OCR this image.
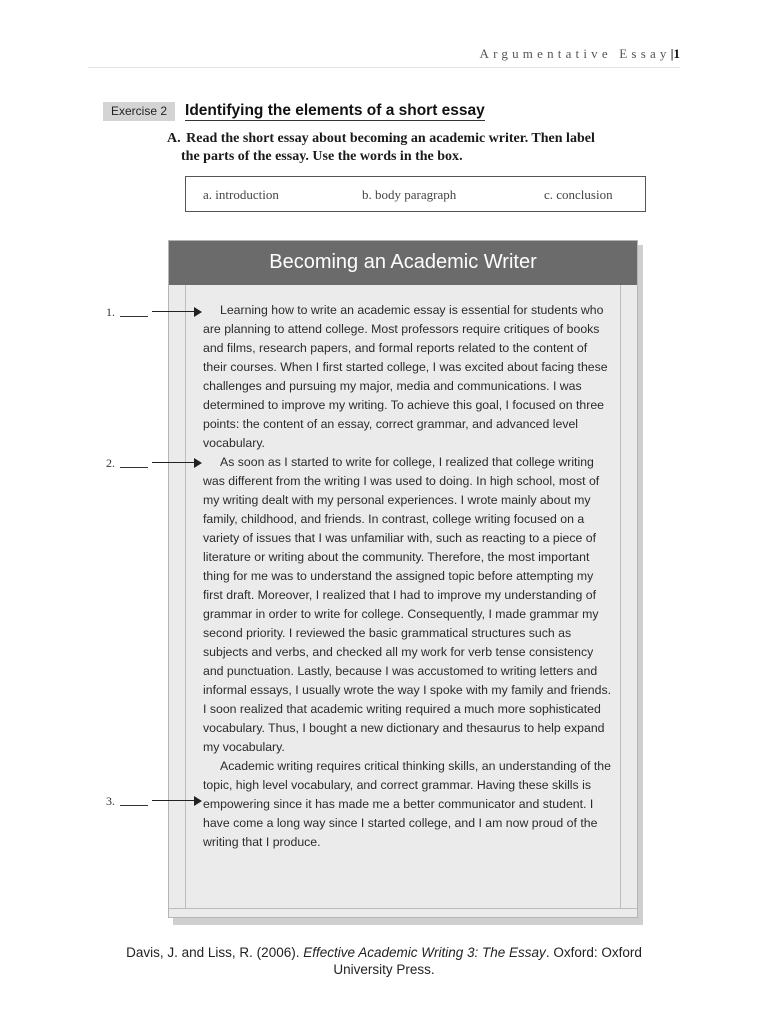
Argumentative Essay|1
Exercise 2	Identifying the elements of a short essay
A. Read the short essay about becoming an academic writer. Then label
the parts of the essay. Use the words in the box.
a. introduction	b. body paragraph	c. conclusion
Becoming an Academic Writer

Learning how to write an academic essay is essential for students who are planning to attend college. Most professors require critiques of books and films, research papers, and formal reports related to the content of their courses. When I first started college, I was excited about facing these challenges and pursuing my major, media and communications. I was determined to improve my writing. To achieve this goal, I focused on three points: the content of an essay, correct grammar, and advanced level vocabulary.

As soon as I started to write for college, I realized that college writing was different from the writing I was used to doing. In high school, most of my writing dealt with my personal experiences. I wrote mainly about my family, childhood, and friends. In contrast, college writing focused on a variety of issues that I was unfamiliar with, such as reacting to a piece of literature or writing about the community. Therefore, the most important thing for me was to understand the assigned topic before attempting my first draft. Moreover, I realized that I had to improve my understanding of grammar in order to write for college. Consequently, I made grammar my second priority. I reviewed the basic grammatical structures such as subjects and verbs, and checked all my work for verb tense consistency and punctuation. Lastly, because I was accustomed to writing letters and informal essays, I usually wrote the way I spoke with my family and friends. I soon realized that academic writing required a much more sophisticated vocabulary. Thus, I bought a new dictionary and thesaurus to help expand my vocabulary.

Academic writing requires critical thinking skills, an understanding of the topic, high level vocabulary, and correct grammar. Having these skills is empowering since it has made me a better communicator and student. I have come a long way since I started college, and I am now proud of the writing that I produce.

1.
2.
3.
Davis, J. and Liss, R. (2006). Effective Academic Writing 3: The Essay. Oxford: Oxford University Press.
